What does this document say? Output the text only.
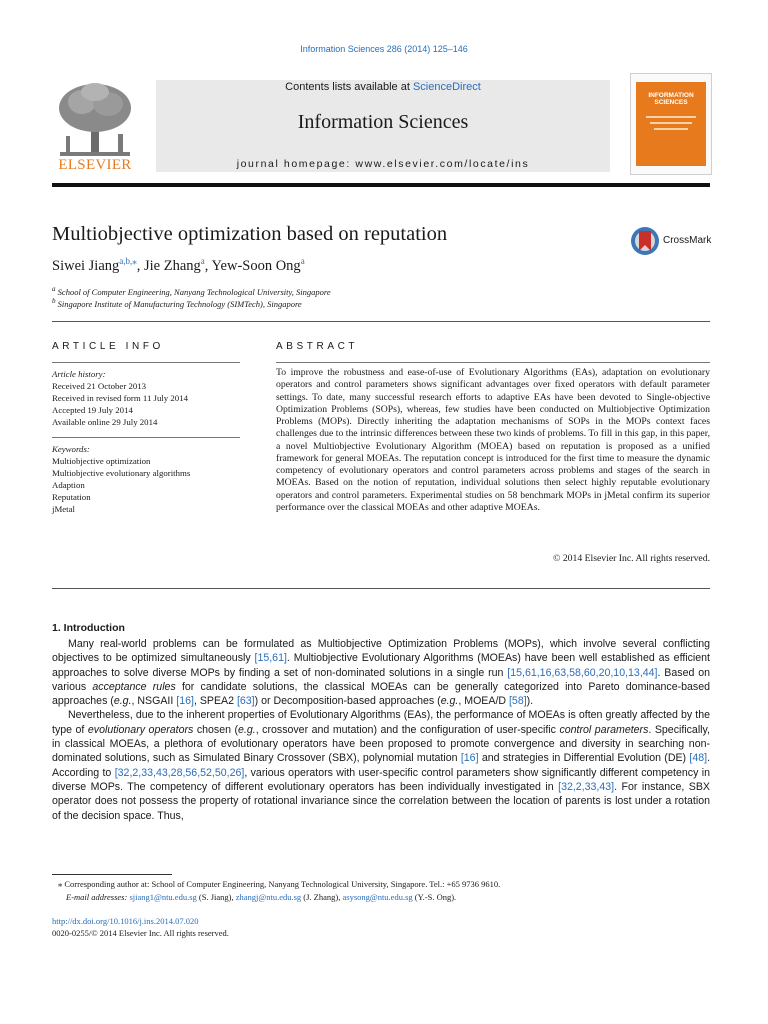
Information Sciences 286 (2014) 125–146
ELSEVIER
Contents lists available at ScienceDirect
Information Sciences
journal homepage: www.elsevier.com/locate/ins
INFORMATION SCIENCES
Multiobjective optimization based on reputation	CrossMark
Siwei Jiang$^{a,b,⁎}$, Jie Zhang$^a$, Yew-Soon Ong$^a$
$^a$ School of Computer Engineering, Nanyang Technological University, Singapore
$^b$ Singapore Institute of Manufacturing Technology (SIMTech), Singapore
ARTICLE INFO
Article history:
Received 21 October 2013
Received in revised form 11 July 2014
Accepted 19 July 2014
Available online 29 July 2014
Keywords:
Multiobjective optimization
Multiobjective evolutionary algorithms
Adaption
Reputation
jMetal
ABSTRACT
To improve the robustness and ease-of-use of Evolutionary Algorithms (EAs), adaptation on evolutionary operators and control parameters shows significant advantages over fixed operators with default parameter settings. To date, many successful research efforts to adaptive EAs have been devoted to Single-objective Optimization Problems (SOPs), whereas, few studies have been conducted on Multiobjective Optimization Problems (MOPs). Directly inheriting the adaptation mechanisms of SOPs in the MOPs context faces challenges due to the intrinsic differences between these two kinds of problems. To fill in this gap, in this paper, a novel Multiobjective Evolutionary Algorithm (MOEA) based on reputation is proposed as a unified framework for general MOEAs. The reputation concept is introduced for the first time to measure the dynamic competency of evolutionary operators and control parameters across problems and stages of the search in MOEAs. Based on the notion of reputation, individual solutions then select highly reputable evolutionary operators and control parameters. Experimental studies on 58 benchmark MOPs in jMetal confirm its superior performance over the classical MOEAs and other adaptive MOEAs.
© 2014 Elsevier Inc. All rights reserved.
1. Introduction

Many real-world problems can be formulated as Multiobjective Optimization Problems (MOPs), which involve several conflicting objectives to be optimized simultaneously [15,61]. Multiobjective Evolutionary Algorithms (MOEAs) have been well established as efficient approaches to solve diverse MOPs by finding a set of non-dominated solutions in a single run [15,61,16,63,58,60,20,10,13,44]. Based on various acceptance rules for candidate solutions, the classical MOEAs can be generally categorized into Pareto dominance-based approaches (e.g., NSGAII [16], SPEA2 [63]) or Decomposition-based approaches (e.g., MOEA/D [58]).

Nevertheless, due to the inherent properties of Evolutionary Algorithms (EAs), the performance of MOEAs is often greatly affected by the type of evolutionary operators chosen (e.g., crossover and mutation) and the configuration of user-specific control parameters. Specifically, in classical MOEAs, a plethora of evolutionary operators have been proposed to promote convergence and diversity in searching non-dominated solutions, such as Simulated Binary Crossover (SBX), polynomial mutation [16] and strategies in Differential Evolution (DE) [48]. According to [32,2,33,43,28,56,52,50,26], various operators with user-specific control parameters show significantly different competency in diverse MOPs. The competency of different evolutionary operators has been individually investigated in [32,2,33,43]. For instance, SBX operator does not possess the property of rotational invariance since the correlation between the location of parents is lost under a rotation of the decision space. Thus,

⁎ Corresponding author at: School of Computer Engineering, Nanyang Technological University, Singapore. Tel.: +65 9736 9610.
E-mail addresses: sjiang1@ntu.edu.sg (S. Jiang), zhangj@ntu.edu.sg (J. Zhang), asysong@ntu.edu.sg (Y.-S. Ong).
http://dx.doi.org/10.1016/j.ins.2014.07.020
0020-0255/© 2014 Elsevier Inc. All rights reserved.
